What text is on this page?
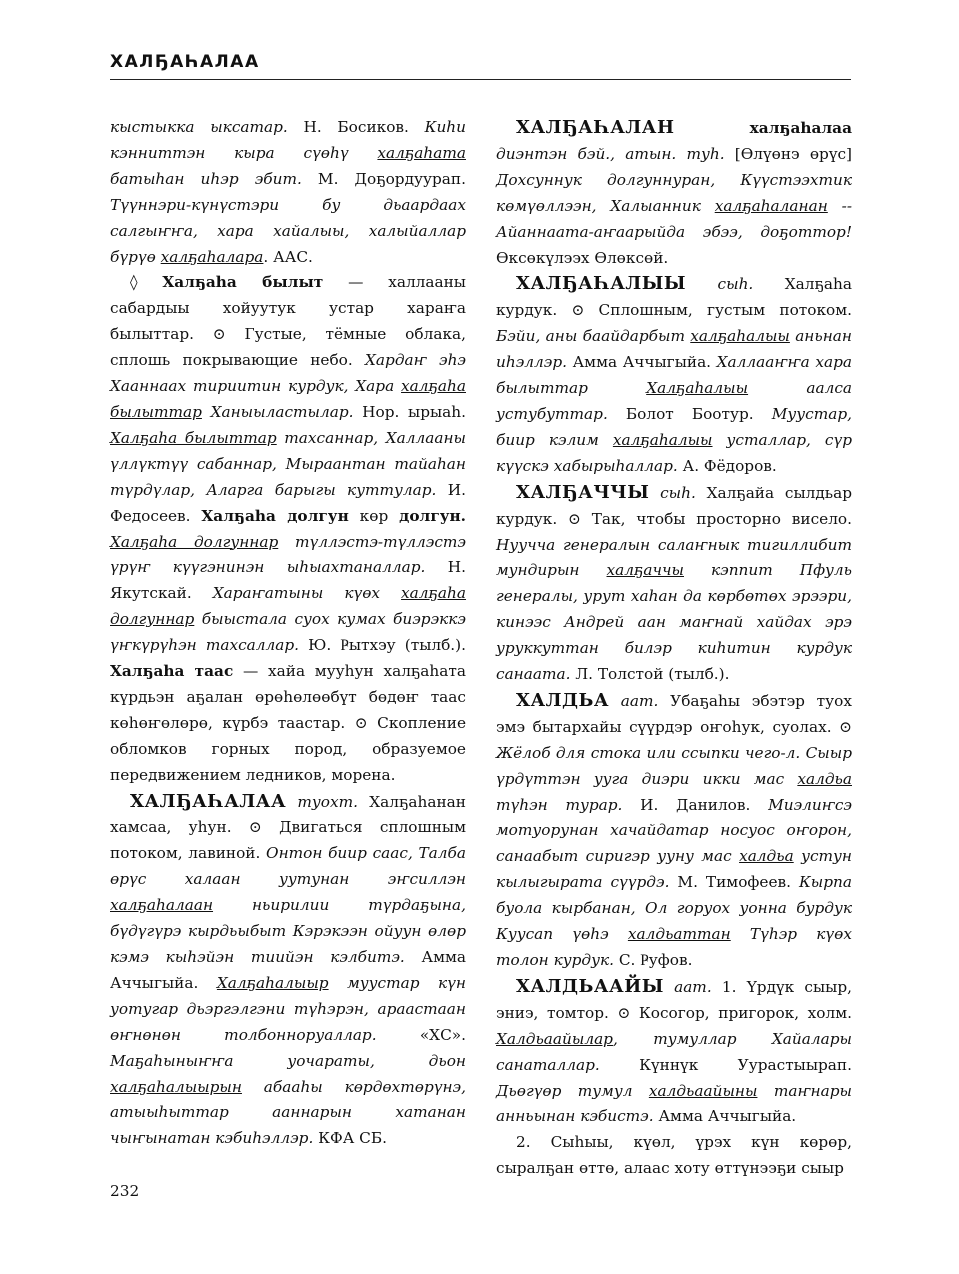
ХАЛҔАҺАЛАА

кыстыкка ыксатар. Н. Босиков. Киһи кэнниттэн кыра сүөһү халҕаһата батыһан иһэр эбит. М. Доҕордуурап. Түүннэри-күнүстэри бу дьаардаах салгыҥҥа, хара хайалыы, халыйаллар бүрүө халҕаһалара. ААС.

◊ Халҕаһа былыт — халлааны сабардыы хойуутук устар хараҥа былыттар. ⊙ Густые, тёмные облака, сплошь покрывающие небо. Хардаҥ эһэ Хааннаах тириитин курдук, Хара халҕаһа былыттар Ханыыластылар. Нор. ырыаһ. Халҕаһа былыттар тахсаннар, Халлааны үллүктүү сабаннар, Мыраантан тайаһан түрдүлар, Аларга барыгы куттулар. И. Федосеев. Халҕаһа долгун көр долгун. Халҕаһа долгуннар түллэстэ-түллэстэ үрүҥ күүгэнинэн ыһыахтаналлар. Н. Якутскай. Хараҥатыны күөх халҕаһа долгуннар быыстала суох кумах биэрэккэ үҥкүрүһэн тахсаллар. Ю. Ҏытхэу (тылб.). Халҕаһа таас — хайа мууһун халҕаһата күрдьэн аҕалан өрөһөлөөбүт бөдөҥ таас көһөҥөлөрө, күрбэ таастар. ⊙ Скопление обломков горных пород, образуемое передвижением ледников, морена.

ХАЛҔАҺАЛАА туохт. Халҕаһанан хамсаа, уһун. ⊙ Двигаться сплошным потоком, лавиной. Онтон биир саас, Талба өрүс халаан уутунан эҥсиллэн халҕаһалаан ньирилии түрдаҕына, бүдүгүрэ кырдьыбыт Кэрэкээн ойуун өлөр кэмэ кыһэйэн тиийэн кэлбитэ. Амма Аччыгыйа. Халҕаһалыыр муустар күн уотугар дьэргэлгэни түһэрэн, араастаан өҥнөнөн толбонноруаллар. «ХС». Маҕаһыныҥҥа уочараты, дьон халҕаһалыырын абааһы көрдөхтөрүнэ, атыыһыттар ааннарын хатанан чыҥынатан кэбиһэллэр. КФА СБ.

ХАЛҔАҺАЛАН халҕаһалаа диэнтэн бэй., атын. туһ. [Өлүөнэ өрүс] Дохсуннук долгуннуран, Күүстээхтик көмүөллээн, Халыанник халҕаһаланан -- Айаннаата-аҥаарыйда эбээ, доҕоттор! Өксөкүлээх Өлөксөй.

ХАЛҔАҺАЛЫЫ сыһ. Халҕаһа курдук. ⊙ Сплошным, густым потоком. Бэйи, аны баайдарбыт халҕаһалыы аньнан иһэллэр. Амма Аччыгыйа. Халлааҥҥа хара былыттар Халҕаһалыы аалса устубуттар. Болот Боотур. Муустар, биир кэлим халҕаһалыы усталлар, сүр күүскэ хабырыһаллар. А. Фёдоров.

ХАЛҔАЧЧЫ сыһ. Халҕайа сылдьар курдук. ⊙ Так, чтобы просторно висело. Нууччa генералын салаҥнык тигиллибит мундирын халҕаччы кэппит Пфуль генералы, урут хаһан да көрбөтөх эрээри, кинээс Андрей аан маҥнай хайдах эрэ уруккуттан билэр киһитин курдук санаата. Л. Толстой (тылб.).

ХАЛДЬА аат. Убаҕаһы эбэтэр туох эмэ бытархайы сүүрдэр оҥоһук, суолах. ⊙ Жёлоб для стока или ссыпки чего-л. Сыыр үрдүттэн ууга диэри икки мас халдьа түһэн турар. И. Данилов. Миэлиҥсэ мотуорунан хачайдатар носуос оҥорон, санаабыт сиригэр ууну мас халдьа устун кылыгырата сүүрдэ. М. Тимофеев. Кырпа буола кырбанан, Ол горуох уонна бурдук Куусап үөһэ халдьаттан Түһэр күөх толон курдук. С. Ҏуфов.

ХАЛДЬААЙЫ аат. 1. Үрдүк сыыр, эниэ, томтор. ⊙ Косогор, пригорок, холм. Халдьаайылар, тумуллар Хайалары санаталлар. Күннүк Уурастыырап. Дьөгүөр тумул халдьаайыны таҥнары анньынан кэбистэ. Амма Аччыгыйа.

2. Сыһыы, күөл, үрэх күн көрөр, сыралҕан өттө, алаас хоту өттүнээҕи сыыр

232
